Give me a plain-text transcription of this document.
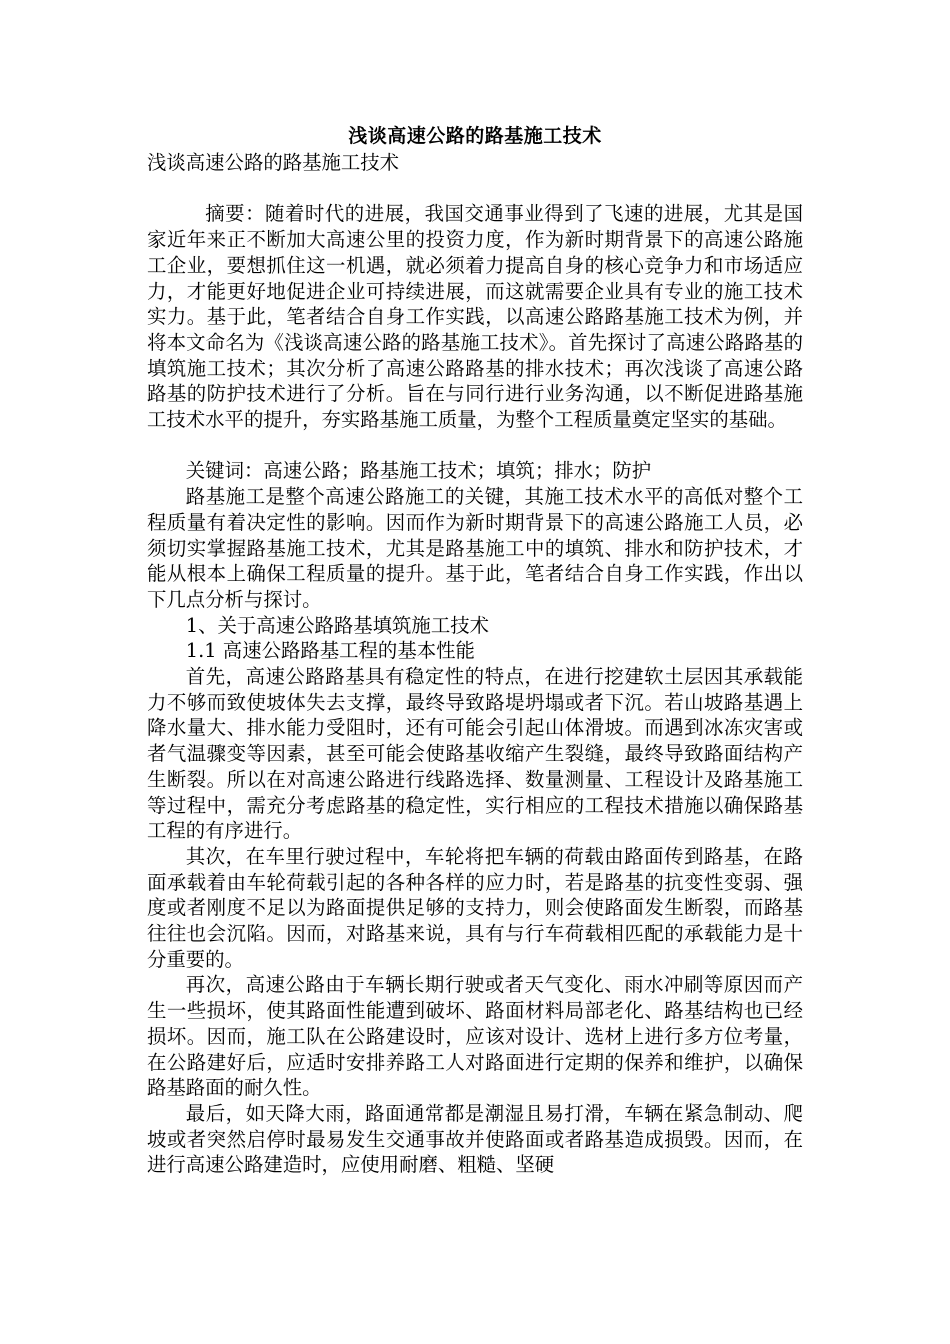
浅谈高速公路的路基施工技术

浅谈高速公路的路基施工技术

摘要：随着时代的进展，我国交通事业得到了飞速的进展，尤其是国家近年来正不断加大高速公里的投资力度，作为新时期背景下的高速公路施工企业，要想抓住这一机遇，就必须着力提高自身的核心竞争力和市场适应力，才能更好地促进企业可持续进展，而这就需要企业具有专业的施工技术实力。基于此，笔者结合自身工作实践，以高速公路路基施工技术为例，并将本文命名为《浅谈高速公路的路基施工技术》。首先探讨了高速公路路基的填筑施工技术；其次分析了高速公路路基的排水技术；再次浅谈了高速公路路基的防护技术进行了分析。旨在与同行进行业务沟通，以不断促进路基施工技术水平的提升，夯实路基施工质量，为整个工程质量奠定坚实的基础。

关键词：高速公路；路基施工技术；填筑；排水；防护

路基施工是整个高速公路施工的关键，其施工技术水平的高低对整个工程质量有着决定性的影响。因而作为新时期背景下的高速公路施工人员，必须切实掌握路基施工技术，尤其是路基施工中的填筑、排水和防护技术，才能从根本上确保工程质量的提升。基于此，笔者结合自身工作实践，作出以下几点分析与探讨。

1、关于高速公路路基填筑施工技术

1.1 高速公路路基工程的基本性能

首先，高速公路路基具有稳定性的特点，在进行挖建软土层因其承载能力不够而致使坡体失去支撑，最终导致路堤坍塌或者下沉。若山坡路基遇上降水量大、排水能力受阻时，还有可能会引起山体滑坡。而遇到冰冻灾害或者气温骤变等因素，甚至可能会使路基收缩产生裂缝，最终导致路面结构产生断裂。所以在对高速公路进行线路选择、数量测量、工程设计及路基施工等过程中，需充分考虑路基的稳定性，实行相应的工程技术措施以确保路基工程的有序进行。

其次，在车里行驶过程中，车轮将把车辆的荷载由路面传到路基，在路面承载着由车轮荷载引起的各种各样的应力时，若是路基的抗变性变弱、强度或者刚度不足以为路面提供足够的支持力，则会使路面发生断裂，而路基往往也会沉陷。因而，对路基来说，具有与行车荷载相匹配的承载能力是十分重要的。

再次，高速公路由于车辆长期行驶或者天气变化、雨水冲刷等原因而产生一些损坏，使其路面性能遭到破坏、路面材料局部老化、路基结构也已经损坏。因而，施工队在公路建设时，应该对设计、选材上进行多方位考量，在公路建好后，应适时安排养路工人对路面进行定期的保养和维护，以确保路基路面的耐久性。

最后，如天降大雨，路面通常都是潮湿且易打滑，车辆在紧急制动、爬坡或者突然启停时最易发生交通事故并使路面或者路基造成损毁。因而，在进行高速公路建造时，应使用耐磨、粗糙、坚硬
